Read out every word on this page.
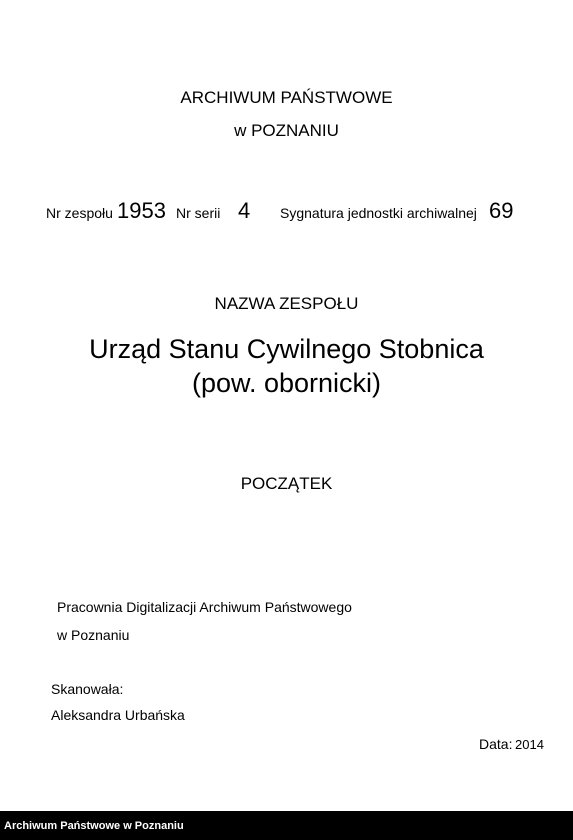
ARCHIWUM PAŃSTWOWE
w POZNANIU
Nr zespołu 1953 Nr serii 4 Sygnatura jednostki archiwalnej 69
NAZWA ZESPOŁU
Urząd Stanu Cywilnego Stobnica
(pow. obornicki)
POCZĄTEK
Pracownia Digitalizacji Archiwum Państwowego
w Poznaniu
Skanowała:
Aleksandra Urbańska
Data: 2014
Archiwum Państwowe w Poznaniu
